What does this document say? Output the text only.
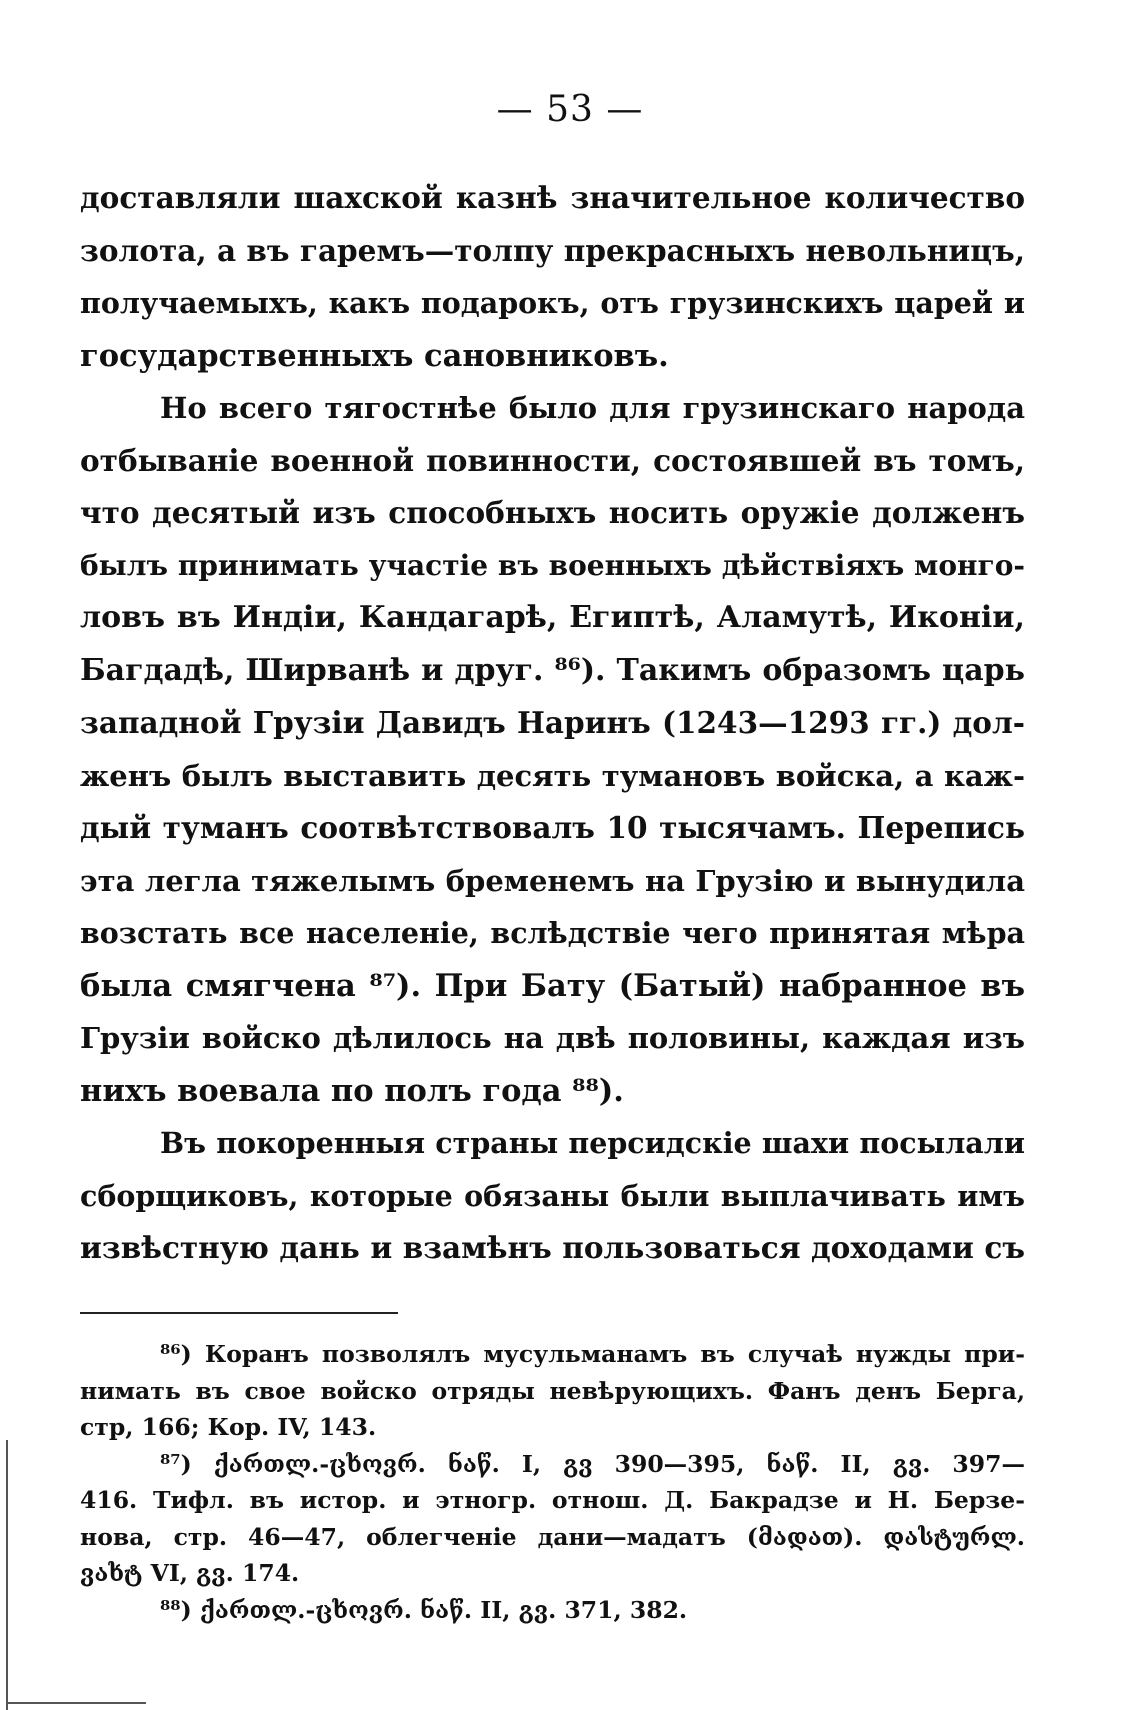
— 53 —
доставляли шахской казнѣ значительное количество
золота, а въ гаремъ—толпу прекрасныхъ невольницъ,
получаемыхъ, какъ подарокъ, отъ грузинскихъ царей и
государственныхъ сановниковъ.
Но всего тягостнѣе было для грузинскаго народа
отбываніе военной повинности, состоявшей въ томъ,
что десятый изъ способныхъ носить оружіе долженъ
былъ принимать участіе въ военныхъ дѣйствіяхъ монго-
ловъ въ Индіи, Кандагарѣ, Египтѣ, Аламутѣ, Иконіи,
Багдадѣ, Ширванѣ и друг. ⁸⁶). Такимъ образомъ царь
западной Грузіи Давидъ Наринъ (1243—1293 гг.) дол-
женъ былъ выставить десять тумановъ войска, а каж-
дый туманъ соотвѣтствовалъ 10 тысячамъ. Перепись
эта легла тяжелымъ бременемъ на Грузію и вынудила
возстать все населеніе, вслѣдствіе чего принятая мѣра
была смягчена ⁸⁷). При Бату (Батый) набранное въ
Грузіи войско дѣлилось на двѣ половины, каждая изъ
нихъ воевала по полъ года ⁸⁸).
Въ покоренныя страны персидскіе шахи посылали
сборщиковъ, которые обязаны были выплачивать имъ
извѣстную дань и взамѣнъ пользоваться доходами съ
⁸⁶) Коранъ позволялъ мусульманамъ въ случаѣ нужды при-
нимать въ свое войско отряды невѣрующихъ. Фанъ денъ Берга,
стр, 166; Кор. IV, 143.
⁸⁷) ქართლ.-ცხოვრ. ნაწ. I, გვ 390—395, ნაწ. II, გვ. 397—
416. Тифл. въ истор. и этногр. отнош. Д. Бакрадзе и Н. Берзе-
нова, стр. 46—47, облегченіе дани—мадатъ (მადათ). დასტურლ.
ვახტ VI, გვ. 174.
⁸⁸) ქართლ.-ცხოვრ. ნაწ. II, გვ. 371, 382.
